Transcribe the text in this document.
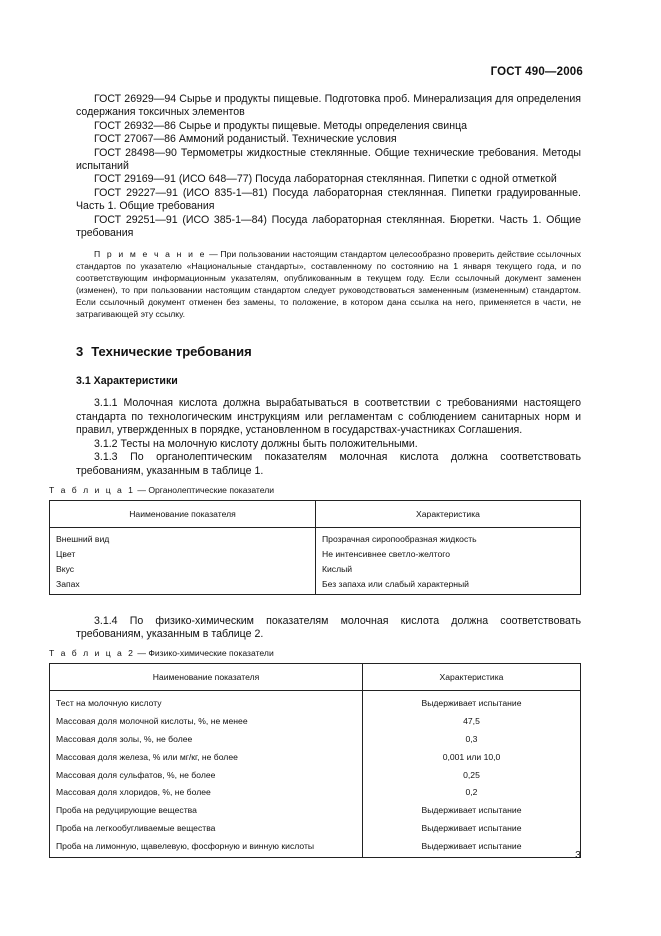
ГОСТ 490—2006

ГОСТ 26929—94 Сырье и продукты пищевые. Подготовка проб. Минерализация для определения содержания токсичных элементов

ГОСТ 26932—86 Сырье и продукты пищевые. Методы определения свинца

ГОСТ 27067—86 Аммоний роданистый. Технические условия

ГОСТ 28498—90 Термометры жидкостные стеклянные. Общие технические требования. Методы испытаний

ГОСТ 29169—91 (ИСО 648—77) Посуда лабораторная стеклянная. Пипетки с одной отметкой

ГОСТ 29227—91 (ИСО 835-1—81) Посуда лабораторная стеклянная. Пипетки градуированные. Часть 1. Общие требования

ГОСТ 29251—91 (ИСО 385-1—84) Посуда лабораторная стеклянная. Бюретки. Часть 1. Общие требования

П р и м е ч а н и е — При пользовании настоящим стандартом целесообразно проверить действие ссылочных стандартов по указателю «Национальные стандарты», составленному по состоянию на 1 января текущего года, и по соответствующим информационным указателям, опубликованным в текущем году. Если ссылочный документ заменен (изменен), то при пользовании настоящим стандартом следует руководствоваться замененным (измененным) стандартом. Если ссылочный документ отменен без замены, то положение, в котором дана ссылка на него, применяется в части, не затрагивающей эту ссылку.

3 Технические требования
3.1 Характеристики

3.1.1 Молочная кислота должна вырабатываться в соответствии с требованиями настоящего стандарта по технологическим инструкциям или регламентам с соблюдением санитарных норм и правил, утвержденных в порядке, установленном в государствах-участниках Соглашения.

3.1.2 Тесты на молочную кислоту должны быть положительными.

3.1.3 По органолептическим показателям молочная кислота должна соответствовать требованиям, указанным в таблице 1.

Т а б л и ц а 1 — Органолептические показатели
Наименование показателя	Характеристика
Внешний вид	Прозрачная сиропообразная жидкость
Цвет	Не интенсивнее светло-желтого
Вкус	Кислый
Запах	Без запаха или слабый характерный

3.1.4 По физико-химическим показателям молочная кислота должна соответствовать требованиям, указанным в таблице 2.

Т а б л и ц а 2 — Физико-химические показатели
Наименование показателя	Характеристика
Тест на молочную кислоту	Выдерживает испытание
Массовая доля молочной кислоты, %, не менее	47,5
Массовая доля золы, %, не более	0,3
Массовая доля железа, % или мг/кг, не более	0,001 или 10,0
Массовая доля сульфатов, %, не более	0,25
Массовая доля хлоридов, %, не более	0,2
Проба на редуцирующие вещества	Выдерживает испытание
Проба на легкообугливаемые вещества	Выдерживает испытание
Проба на лимонную, щавелевую, фосфорную и винную кислоты	Выдерживает испытание
3
